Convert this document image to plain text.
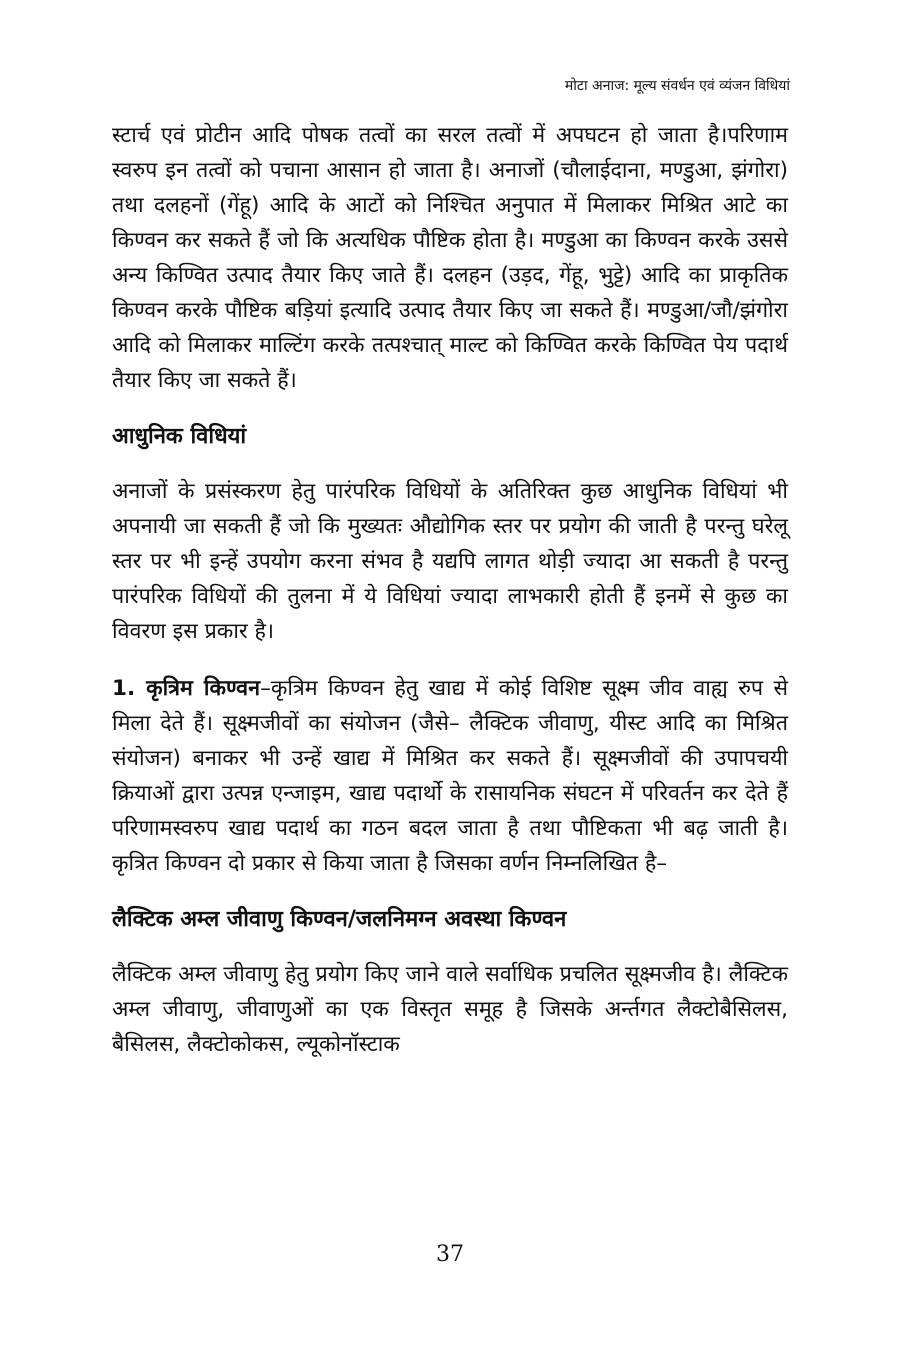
मोटा अनाज: मूल्य संवर्धन एवं व्यंजन विधियां

स्टार्च एवं प्रोटीन आदि पोषक तत्वों का सरल तत्वों में अपघटन हो जाता है।परिणाम स्वरुप इन तत्वों को पचाना आसान हो जाता है। अनाजों (चौलाईदाना, मण्डुआ, झंगोरा) तथा दलहनों (गेंहू) आदि के आटों को निश्चित अनुपात में मिलाकर मिश्रित आटे का किण्वन कर सकते हैं जो कि अत्यधिक पौष्टिक होता है। मण्डुआ का किण्वन करके उससे अन्य किण्वित उत्पाद तैयार किए जाते हैं। दलहन (उड़द, गेंहू, भुट्टे) आदि का प्राकृतिक किण्वन करके पौष्टिक बड़ियां इत्यादि उत्पाद तैयार किए जा सकते हैं। मण्डुआ/जौ/झंगोरा आदि को मिलाकर माल्टिंग करके तत्पश्चात् माल्ट को किण्वित करके किण्वित पेय पदार्थ तैयार किए जा सकते हैं।

आधुनिक विधियां

अनाजों के प्रसंस्करण हेतु पारंपरिक विधियों के अतिरिक्त कुछ आधुनिक विधियां भी अपनायी जा सकती हैं जो कि मुख्यतः औद्योगिक स्तर पर प्रयोग की जाती है परन्तु घरेलू स्तर पर भी इन्हें उपयोग करना संभव है यद्यपि लागत थोड़ी ज्यादा आ सकती है परन्तु पारंपरिक विधियों की तुलना में ये विधियां ज्यादा लाभकारी होती हैं इनमें से कुछ का विवरण इस प्रकार है।

1. कृत्रिम किण्वन–कृत्रिम किण्वन हेतु खाद्य में कोई विशिष्ट सूक्ष्म जीव वाह्य रुप से मिला देते हैं। सूक्ष्मजीवों का संयोजन (जैसे– लैक्टिक जीवाणु, यीस्ट आदि का मिश्रित संयोजन) बनाकर भी उन्हें खाद्य में मिश्रित कर सकते हैं। सूक्ष्मजीवों की उपापचयी क्रियाओं द्वारा उत्पन्न एन्जाइम, खाद्य पदार्थो के रासायनिक संघटन में परिवर्तन कर देते हैं परिणामस्वरुप खाद्य पदार्थ का गठन बदल जाता है तथा पौष्टिकता भी बढ़ जाती है। कृत्रित किण्वन दो प्रकार से किया जाता है जिसका वर्णन निम्नलिखित है–

लैक्टिक अम्ल जीवाणु किण्वन/जलनिमग्न अवस्था किण्वन

लैक्टिक अम्ल जीवाणु हेतु प्रयोग किए जाने वाले सर्वाधिक प्रचलित सूक्ष्मजीव है। लैक्टिक अम्ल जीवाणु, जीवाणुओं का एक विस्तृत समूह है जिसके अर्न्तगत लैक्टोबैसिलस, बैसिलस, लैक्टोकोकस, ल्यूकोनॉस्टाक

37
